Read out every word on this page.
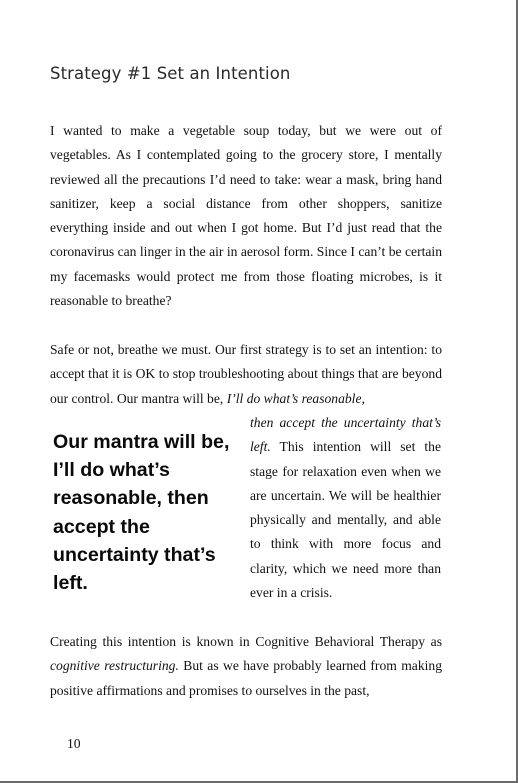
Strategy #1 Set an Intention

I wanted to make a vegetable soup today, but we were out of vegetables. As I contemplated going to the grocery store, I mentally reviewed all the precautions I’d need to take: wear a mask, bring hand sanitizer, keep a social distance from other shoppers, sanitize everything inside and out when I got home. But I’d just read that the coronavirus can linger in the air in aerosol form. Since I can’t be certain my facemasks would protect me from those floating microbes, is it reasonable to breathe?

Safe or not, breathe we must. Our first strategy is to set an intention: to accept that it is OK to stop troubleshooting about things that are beyond our control. Our mantra will be, I’ll do what’s reasonable,

Our mantra will be, I’ll do what’s reasonable, then accept the uncertainty that’s left.

then accept the uncertainty that’s left. This intention will set the stage for relaxation even when we are uncertain. We will be healthier physically and mentally, and able to think with more focus and clarity, which we need more than ever in a crisis.

Creating this intention is known in Cognitive Behavioral Therapy as cognitive restructuring. But as we have probably learned from making positive affirmations and promises to ourselves in the past,

10
